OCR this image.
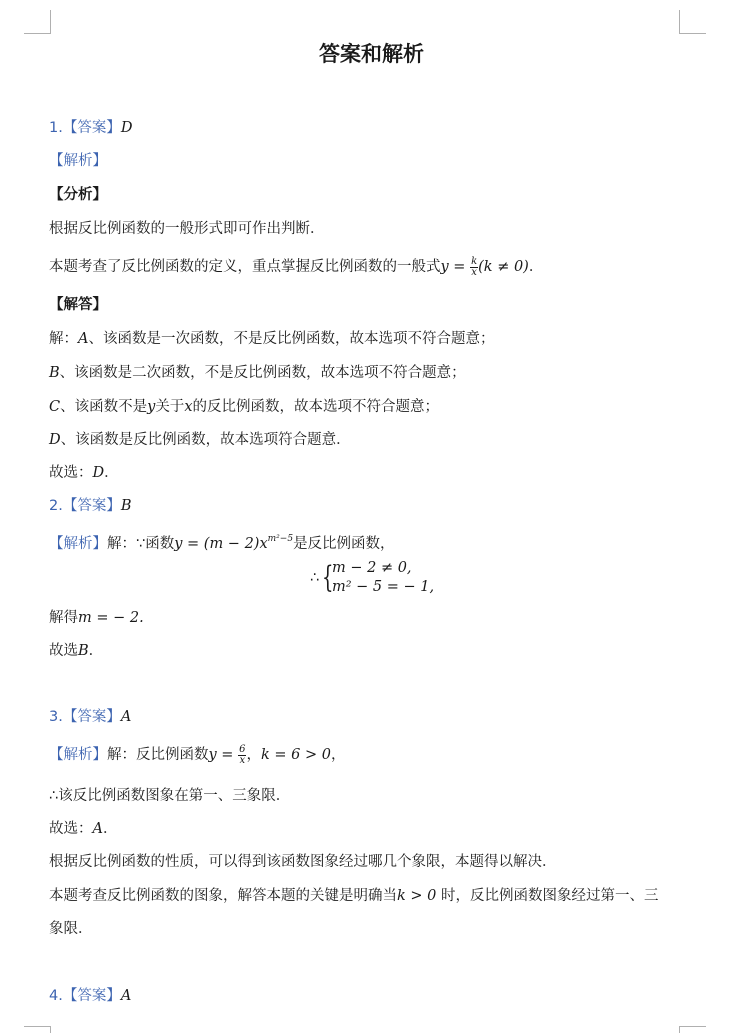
答案和解析
1.【答案】D
【解析】
【分析】
根据反比例函数的一般形式即可作出判断．
本题考查了反比例函数的定义，重点掌握反比例函数的一般式$y = \frac{k}{x} (k \ne 0)$．
【解答】
解：A、该函数是一次函数，不是反比例函数，故本选项不符合题意；
B、该函数是二次函数，不是反比例函数，故本选项不符合题意；
C、该函数不是y关于x的反比例函数，故本选项不符合题意；
D、该函数是反比例函数，故本选项符合题意．
故选：D．
2.【答案】B
【解析】解：∵函数$y = (m - 2)x^{m^2-5}$是反比例函数，
∴ {
m − 2 ≠ 0,
m² − 5 = − 1,
解得m = − 2.
故选B．
3.【答案】A
【解析】解：反比例函数$y = \frac{6}{x}$ ，k = 6 > 0，
∴该反比例函数图象在第一、三象限．
故选：A．
根据反比例函数的性质，可以得到该函数图象经过哪几个象限，本题得以解决．
本题考查反比例函数的图象，解答本题的关键是明确当k > 0 时，反比例函数图象经过第一、三
象限．
4.【答案】A
